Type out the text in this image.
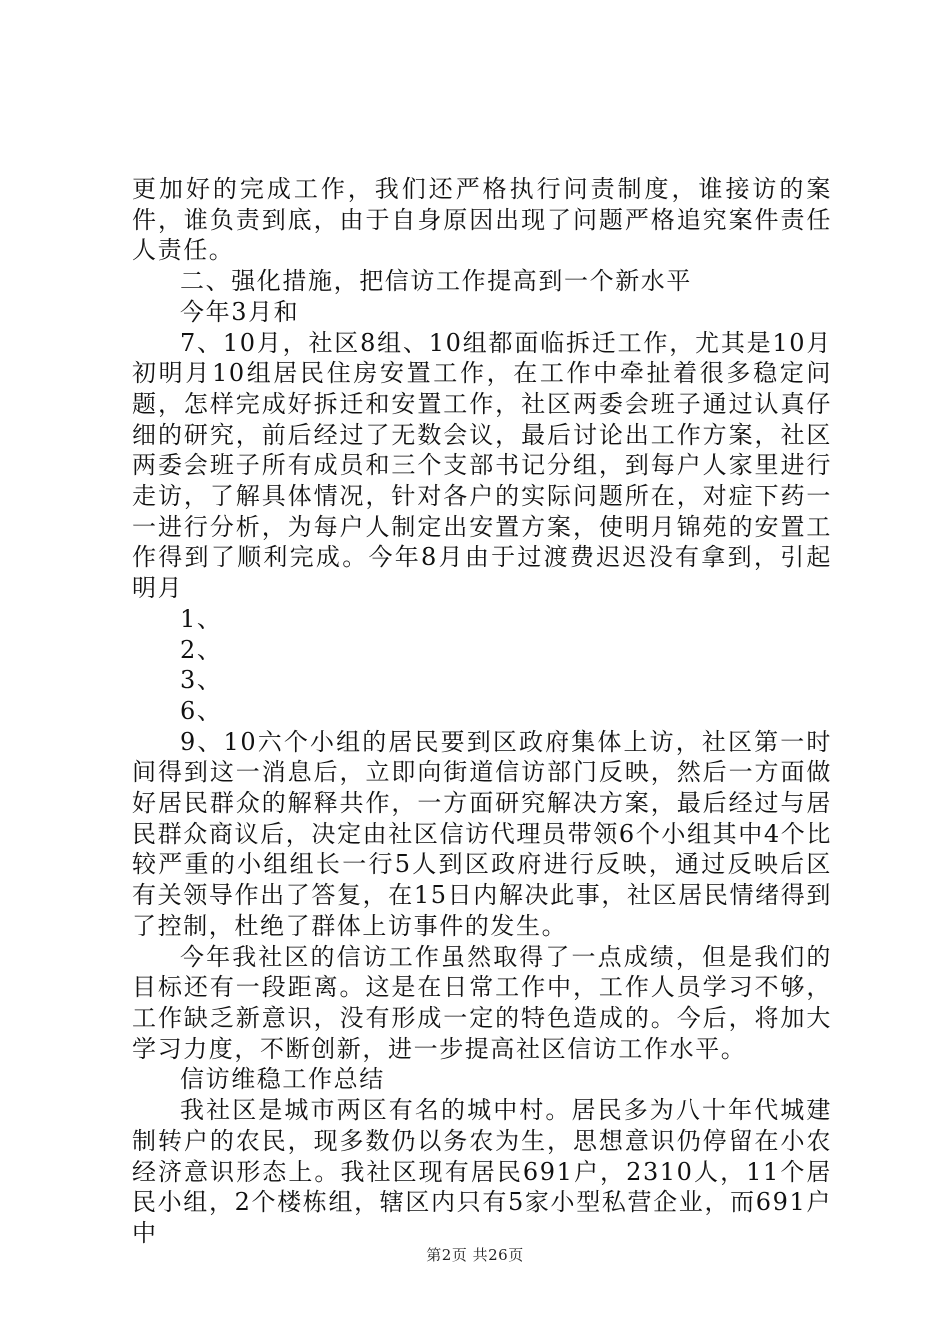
更加好的完成工作，我们还严格执行问责制度，谁接访的案件，谁负责到底，由于自身原因出现了问题严格追究案件责任人责任。

二、强化措施，把信访工作提高到一个新水平

今年3月和

7、10月，社区8组、10组都面临拆迁工作，尤其是10月初明月10组居民住房安置工作，在工作中牵扯着很多稳定问题，怎样完成好拆迁和安置工作，社区两委会班子通过认真仔细的研究，前后经过了无数会议，最后讨论出工作方案，社区两委会班子所有成员和三个支部书记分组，到每户人家里进行走访，了解具体情况，针对各户的实际问题所在，对症下药一一进行分析，为每户人制定出安置方案，使明月锦苑的安置工作得到了顺利完成。今年8月由于过渡费迟迟没有拿到，引起明月

1、

2、

3、

6、

9、10六个小组的居民要到区政府集体上访，社区第一时间得到这一消息后，立即向街道信访部门反映，然后一方面做好居民群众的解释共作，一方面研究解决方案，最后经过与居民群众商议后，决定由社区信访代理员带领6个小组其中4个比较严重的小组组长一行5人到区政府进行反映，通过反映后区有关领导作出了答复，在15日内解决此事，社区居民情绪得到了控制，杜绝了群体上访事件的发生。

今年我社区的信访工作虽然取得了一点成绩，但是我们的目标还有一段距离。这是在日常工作中，工作人员学习不够，工作缺乏新意识，没有形成一定的特色造成的。今后，将加大学习力度，不断创新，进一步提高社区信访工作水平。

信访维稳工作总结

我社区是城市两区有名的城中村。居民多为八十年代城建制转户的农民，现多数仍以务农为生，思想意识仍停留在小农经济意识形态上。我社区现有居民691户，2310人，11个居民小组，2个楼栋组，辖区内只有5家小型私营企业，而691户中

第2页 共26页
